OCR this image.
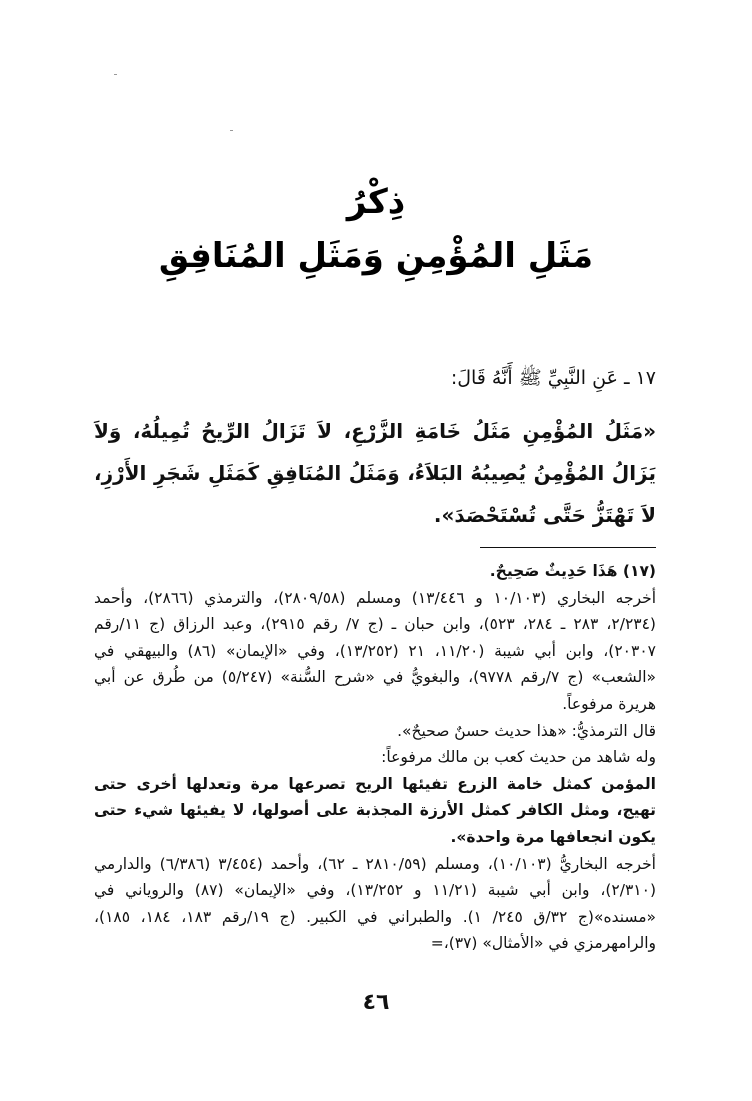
ذِكْرُ
مَثَلِ المُؤْمِنِ وَمَثَلِ المُنَافِقِ
١٧ ـ عَنِ النَّبِيِّ ﷺ أَنَّهُ قَالَ:
«مَثَلُ المُؤْمِنِ مَثَلُ خَامَةِ الزَّرْعِ، لاَ تَزَالُ الرِّيحُ تُمِيلُهُ، وَلاَ يَزَالُ المُؤْمِنُ يُصِيبُهُ البَلاَءُ، وَمَثَلُ المُنَافِقِ كَمَثَلِ شَجَرِ الأَرْزِ، لاَ تَهْتَزُّ حَتَّى تُسْتَحْصَدَ».

(١٧) هَذَا حَدِيثٌ صَحِيحٌ.

أخرجه البخاري (١٠/١٠٣ و ١٣/٤٤٦) ومسلم (٢٨٠٩/٥٨)، والترمذي (٢٨٦٦)، وأحمد (٢/٢٣٤، ٢٨٣ ـ ٢٨٤، ٥٢٣)، وابن حبان ـ (ج ٧/ رقم ٢٩١٥)، وعبد الرزاق (ج ١١/رقم ٢٠٣٠٧)، وابن أبي شيبة (١١/٢٠، ٢١ (١٣/٢٥٢)، وفي «الإيمان» (٨٦) والبيهقي في «الشعب» (ج ٧/رقم ٩٧٧٨)، والبغويُّ في «شرح السُّنة» (٥/٢٤٧) من طُرق عن أبي هريرة مرفوعاً.

قال الترمذيُّ: «هذا حديث حسنٌ صحيحٌ».

وله شاهد من حديث كعب بن مالك مرفوعاً:

المؤمن كمثل خامة الزرع تفيئها الريح تصرعها مرة وتعدلها أخرى حتى تهيج، ومثل الكافر كمثل الأرزة المجذبة على أصولها، لا يفيئها شيء حتى يكون انجعافها مرة واحدة».

أخرجه البخاريُّ (١٠/١٠٣)، ومسلم (٢٨١٠/٥٩ ـ ٦٢)، وأحمد (٣/٤٥٤ (٦/٣٨٦) والدارمي (٢/٣١٠)، وابن أبي شيبة (١١/٢١ و ١٣/٢٥٢)، وفي «الإيمان» (٨٧) والروياني في «مسنده»(ج ٣٢/ق ٢٤٥/ ١). والطبراني في الكبير. (ج ١٩/رقم ١٨٣، ١٨٤، ١٨٥)، والرامهرمزي في «الأمثال» (٣٧)،=

٤٦
